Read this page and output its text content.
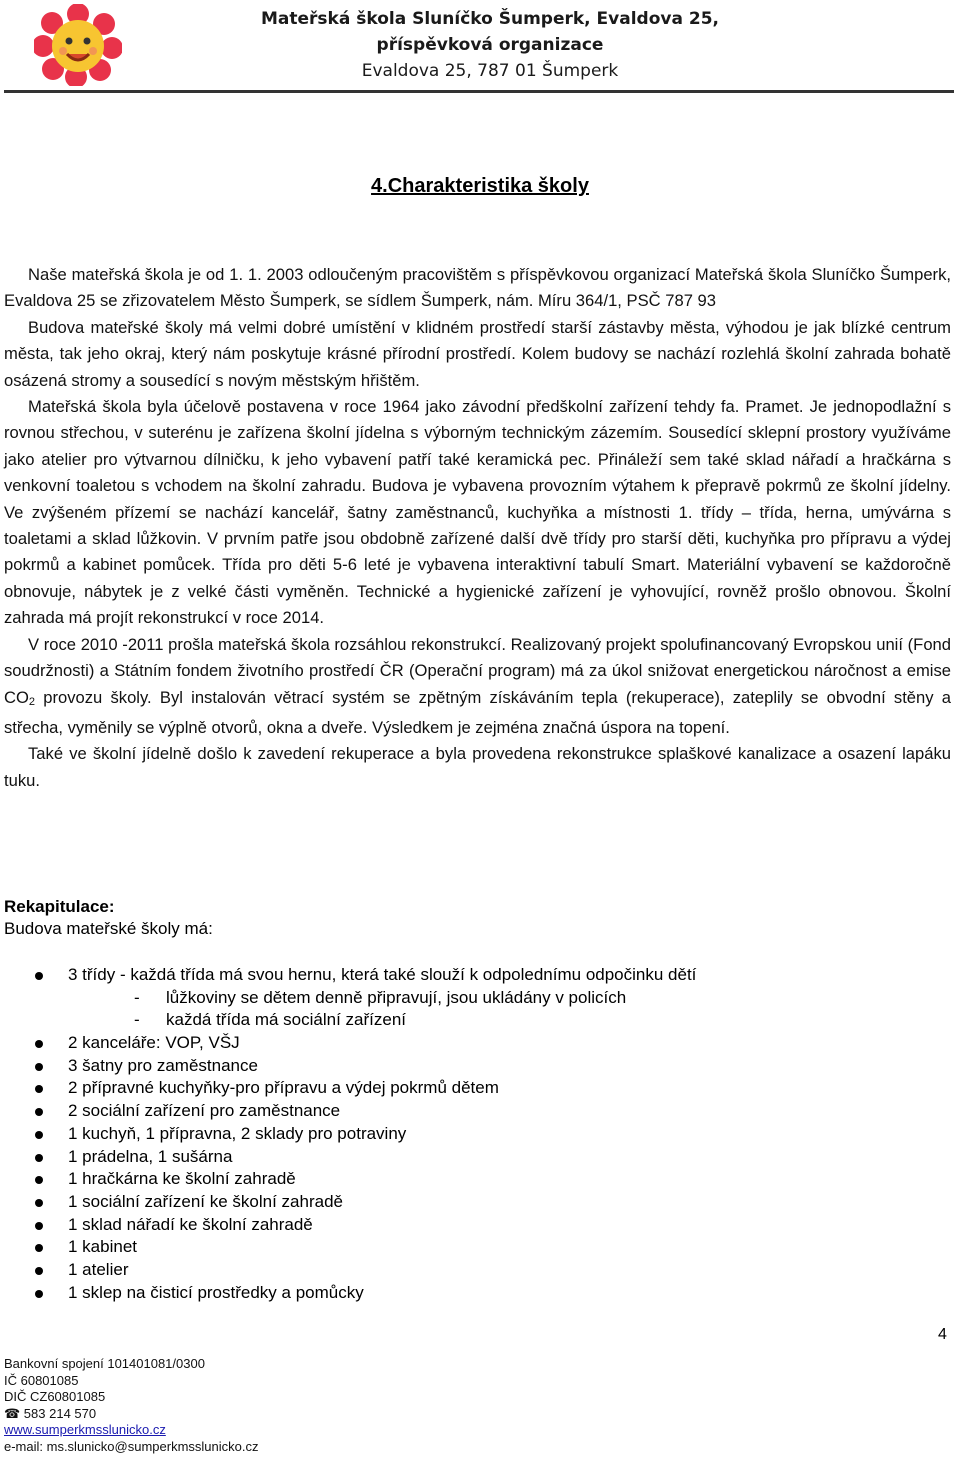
Mateřská škola Sluníčko Šumperk, Evaldova 25,
příspěvková organizace
Evaldova 25, 787 01 Šumperk
4.Charakteristika školy

Naše mateřská škola je od 1. 1. 2003 odloučeným pracovištěm s příspěvkovou organizací Mateřská škola Sluníčko Šumperk, Evaldova 25 se zřizovatelem Město Šumperk, se sídlem Šumperk, nám. Míru 364/1, PSČ 787 93

Budova mateřské školy má velmi dobré umístění v klidném prostředí starší zástavby města, výhodou je jak blízké centrum města, tak jeho okraj, který nám poskytuje krásné přírodní prostředí. Kolem budovy se nachází rozlehlá školní zahrada bohatě osázená stromy a sousedící s novým městským hřištěm.

Mateřská škola byla účelově postavena v roce 1964 jako závodní předškolní zařízení tehdy fa. Pramet. Je jednopodlažní s rovnou střechou, v suterénu je zařízena školní jídelna s výborným technickým zázemím. Sousedící sklepní prostory využíváme jako atelier pro výtvarnou dílničku, k jeho vybavení patří také keramická pec. Přináleží sem také sklad nářadí a hračkárna s venkovní toaletou s vchodem na školní zahradu. Budova je vybavena provozním výtahem k přepravě pokrmů ze školní jídelny. Ve zvýšeném přízemí se nachází kancelář, šatny zaměstnanců, kuchyňka a místnosti 1. třídy – třída, herna, umývárna s toaletami a sklad lůžkovin. V prvním patře jsou obdobně zařízené další dvě třídy pro starší děti, kuchyňka pro přípravu a výdej pokrmů a kabinet pomůcek. Třída pro děti 5-6 leté je vybavena interaktivní tabulí Smart. Materiální vybavení se každoročně obnovuje, nábytek je z velké části vyměněn. Technické a hygienické zařízení je vyhovující, rovněž prošlo obnovou. Školní zahrada má projít rekonstrukcí v roce 2014.

V roce 2010 -2011 prošla mateřská škola rozsáhlou rekonstrukcí. Realizovaný projekt spolufinancovaný Evropskou unií (Fond soudržnosti) a Státním fondem životního prostředí ČR (Operační program) má za úkol snižovat energetickou náročnost a emise $CO_2$ provozu školy. Byl instalován větrací systém se zpětným získáváním tepla (rekuperace), zateplily se obvodní stěny a střecha, vyměnily se výplně otvorů, okna a dveře. Výsledkem je zejména značná úspora na topení.

Také ve školní jídelně došlo k zavedení rekuperace a byla provedena rekonstrukce splaškové kanalizace a osazení lapáku tuku.

Rekapitulace:
Budova mateřské školy má:
3 třídy - každá třída má svou hernu, která také slouží k odpolednímu odpočinku dětí
- lůžkoviny se dětem denně připravují, jsou ukládány v policích
- každá třída má sociální zařízení
2 kanceláře: VOP, VŠJ
3 šatny pro zaměstnance
2 přípravné kuchyňky-pro přípravu a výdej pokrmů dětem
2 sociální zařízení pro zaměstnance
1 kuchyň, 1 přípravna, 2 sklady pro potraviny
1 prádelna, 1 sušárna
1 hračkárna ke školní zahradě
1 sociální zařízení ke školní zahradě
1 sklad nářadí ke školní zahradě
1 kabinet
1 atelier
1 sklep na čisticí prostředky a pomůcky
4
Bankovní spojení 101401081/0300
IČ 60801085
DIČ CZ60801085
☎ 583 214 570
www.sumperkmsslunicko.cz
e-mail: ms.slunicko@sumperkmsslunicko.cz
